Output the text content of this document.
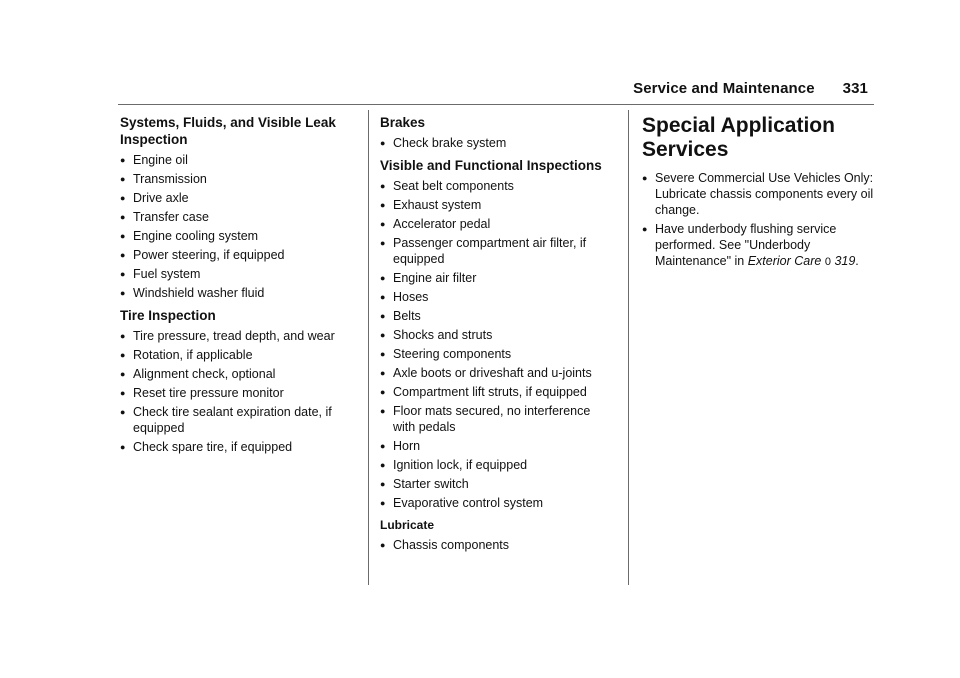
Service and Maintenance 331
Systems, Fluids, and Visible Leak Inspection
● Engine oil
● Transmission
● Drive axle
● Transfer case
● Engine cooling system
● Power steering, if equipped
● Fuel system
● Windshield washer fluid
Tire Inspection
● Tire pressure, tread depth, and wear
● Rotation, if applicable
● Alignment check, optional
● Reset tire pressure monitor
● Check tire sealant expiration date, if equipped
● Check spare tire, if equipped
Brakes
● Check brake system
Visible and Functional Inspections
● Seat belt components
● Exhaust system
● Accelerator pedal
● Passenger compartment air filter, if equipped
● Engine air filter
● Hoses
● Belts
● Shocks and struts
● Steering components
● Axle boots or driveshaft and u-joints
● Compartment lift struts, if equipped
● Floor mats secured, no interference with pedals
● Horn
● Ignition lock, if equipped
● Starter switch
● Evaporative control system
Lubricate
● Chassis components
Special Application Services
● Severe Commercial Use Vehicles Only: Lubricate chassis components every oil change.
● Have underbody flushing service performed. See "Underbody Maintenance" in Exterior Care 0 319.
